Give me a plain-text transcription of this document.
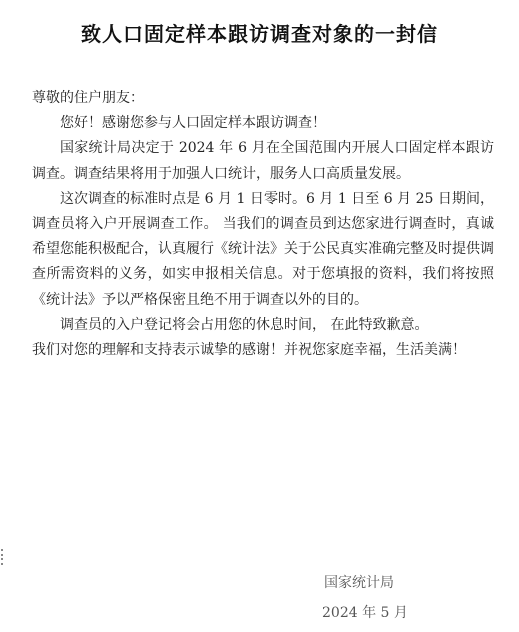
致人口固定样本跟访调查对象的一封信

尊敬的住户朋友：

您好！感谢您参与人口固定样本跟访调查！

国家统计局决定于 2024 年 6 月在全国范围内开展人口固定样本跟访调查。调查结果将用于加强人口统计，服务人口高质量发展。

这次调查的标准时点是 6 月 1 日零时。6 月 1 日至 6 月 25 日期间，调查员将入户开展调查工作。 当我们的调查员到达您家进行调查时，真诚希望您能积极配合，认真履行《统计法》关于公民真实准确完整及时提供调查所需资料的义务，如实申报相关信息。对于您填报的资料，我们将按照《统计法》予以严格保密且绝不用于调查以外的目的。

调查员的入户登记将会占用您的休息时间， 在此特致歉意。

我们对您的理解和支持表示诚挚的感谢！并祝您家庭幸福，生活美满！

国家统计局
2024 年 5 月
